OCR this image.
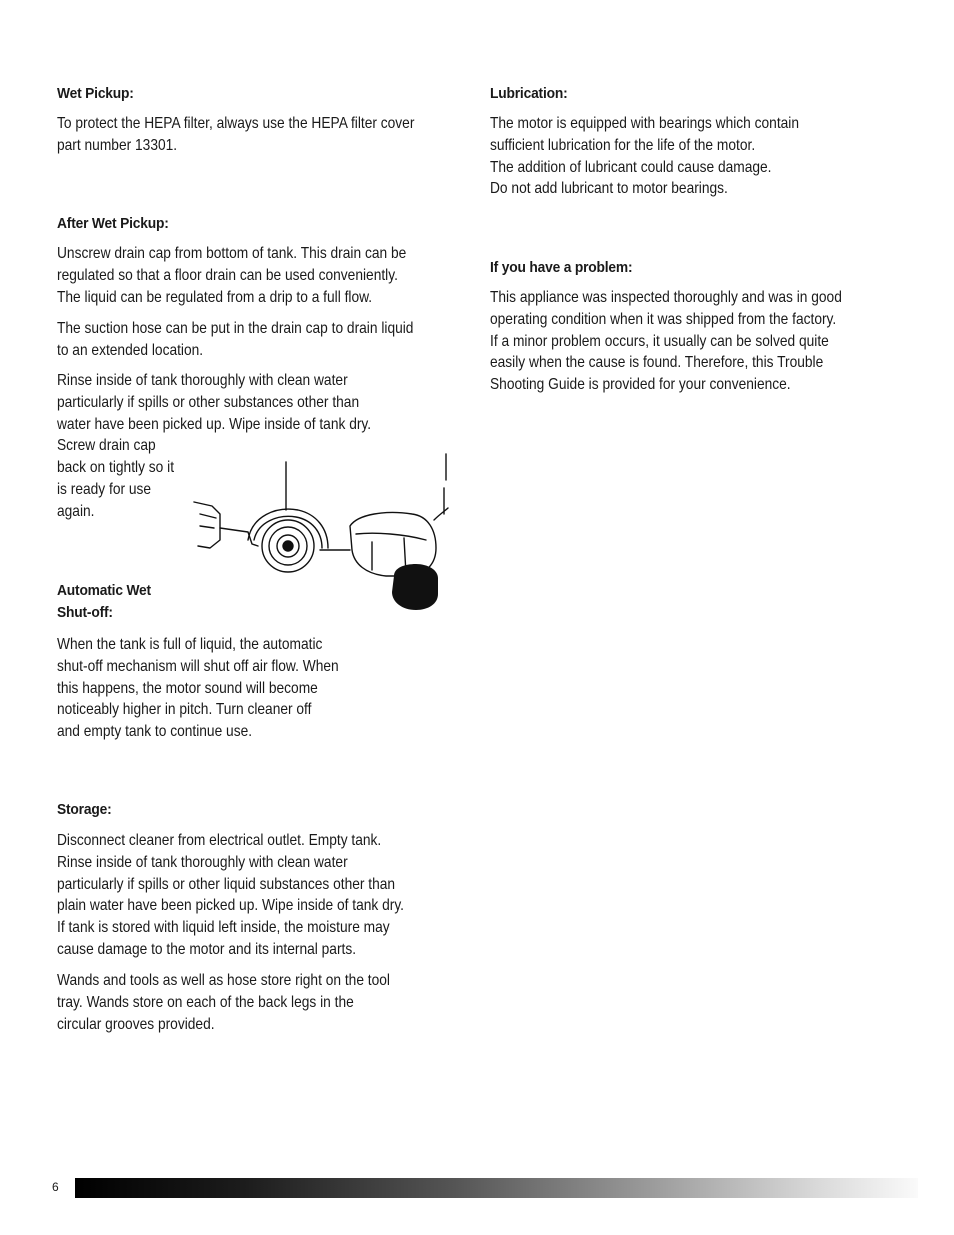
Wet Pickup:
To protect the HEPA filter, always use the HEPA filter cover
part number 13301.
After Wet Pickup:
Unscrew drain cap from bottom of tank. This drain can be
regulated so that a floor drain can be used conveniently.
The liquid can be regulated from a drip to a full flow.
The suction hose can be put in the drain cap to drain liquid
to an extended location.
Rinse inside of tank thoroughly with clean water
particularly if spills or other substances other than
water have been picked up. Wipe inside of tank dry.
Screw drain cap
back on tightly so it
is ready for use
again.
Automatic Wet
Shut-off:
When the tank is full of liquid, the automatic
shut-off mechanism will shut off air flow. When
this happens, the motor sound will become
noticeably higher in pitch. Turn cleaner off
and empty tank to continue use.
Storage:
Disconnect cleaner from electrical outlet. Empty tank.
Rinse inside of tank thoroughly with clean water
particularly if spills or other liquid substances other than
plain water have been picked up. Wipe inside of tank dry.
If tank is stored with liquid left inside, the moisture may
cause damage to the motor and its internal parts.
Wands and tools as well as hose store right on the tool
tray. Wands store on each of the back legs in the
circular grooves provided.
Lubrication:
The motor is equipped with bearings which contain
sufficient lubrication for the life of the motor.
The addition of lubricant could cause damage.
Do not add lubricant to motor bearings.
If you have a problem:
This appliance was inspected thoroughly and was in good
operating condition when it was shipped from the factory.
If a minor problem occurs, it usually can be solved quite
easily when the cause is found. Therefore, this Trouble
Shooting Guide is provided for your convenience.
6
